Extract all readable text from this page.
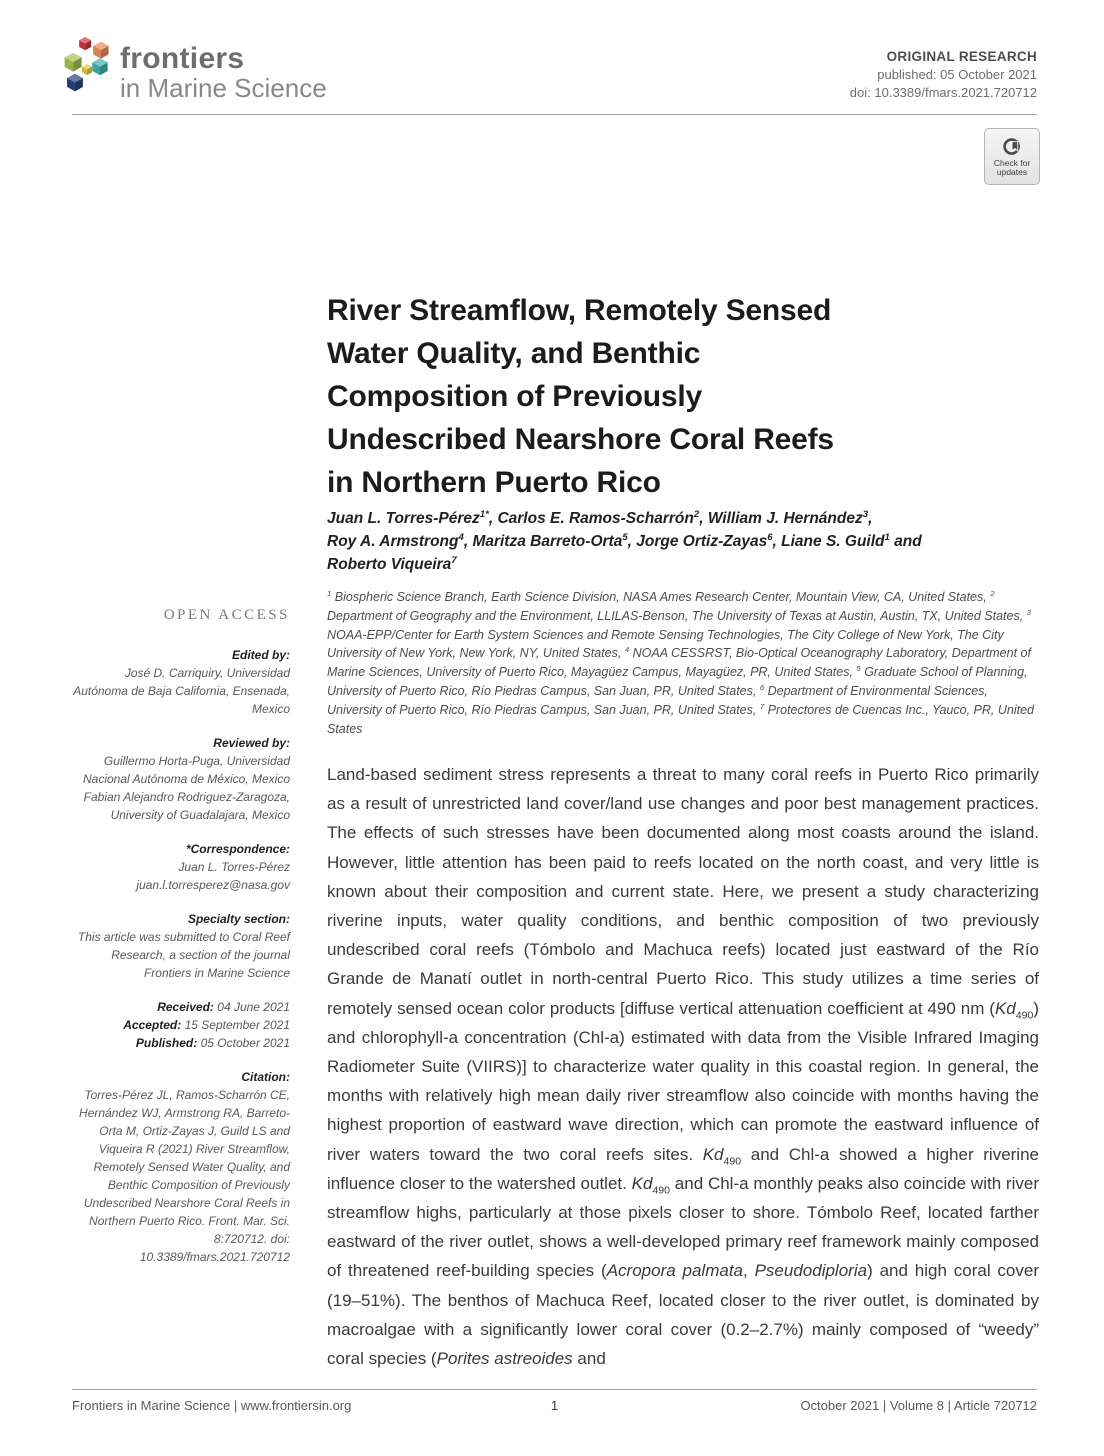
frontiers
in Marine Science
ORIGINAL RESEARCH
published: 05 October 2021
doi: 10.3389/fmars.2021.720712
Check for
updates
OPEN ACCESS
Edited by:
José D. Carriquiry, Universidad Autónoma de Baja California, Ensenada, Mexico
Reviewed by:
Guillermo Horta-Puga, Universidad Nacional Autónoma de México, Mexico
Fabian Alejandro Rodriguez-Zaragoza, University of Guadalajara, Mexico
*Correspondence:
Juan L. Torres-Pérez
juan.l.torresperez@nasa.gov
Specialty section:
This article was submitted to Coral Reef Research, a section of the journal Frontiers in Marine Science
Received: 04 June 2021
Accepted: 15 September 2021
Published: 05 October 2021
Citation:
Torres-Pérez JL, Ramos-Scharrón CE, Hernández WJ, Armstrong RA, Barreto-Orta M, Ortiz-Zayas J, Guild LS and Viqueira R (2021) River Streamflow, Remotely Sensed Water Quality, and Benthic Composition of Previously Undescribed Nearshore Coral Reefs in Northern Puerto Rico. Front. Mar. Sci. 8:720712. doi: 10.3389/fmars.2021.720712
River Streamflow, Remotely Sensed
Water Quality, and Benthic
Composition of Previously
Undescribed Nearshore Coral Reefs
in Northern Puerto Rico
Juan L. Torres-Pérez$^{1*}$, Carlos E. Ramos-Scharrón$^2$, William J. Hernández$^3$,
Roy A. Armstrong$^4$, Maritza Barreto-Orta$^5$, Jorge Ortiz-Zayas$^6$, Liane S. Guild$^1$ and
Roberto Viqueira$^7$
$^1$ Biospheric Science Branch, Earth Science Division, NASA Ames Research Center, Mountain View, CA, United States, $^2$ Department of Geography and the Environment, LLILAS-Benson, The University of Texas at Austin, Austin, TX, United States, $^3$ NOAA-EPP/Center for Earth System Sciences and Remote Sensing Technologies, The City College of New York, The City University of New York, New York, NY, United States, $^4$ NOAA CESSRST, Bio-Optical Oceanography Laboratory, Department of Marine Sciences, University of Puerto Rico, Mayagüez Campus, Mayagüez, PR, United States, $^5$ Graduate School of Planning, University of Puerto Rico, Río Piedras Campus, San Juan, PR, United States, $^6$ Department of Environmental Sciences, University of Puerto Rico, Río Piedras Campus, San Juan, PR, United States, $^7$ Protectores de Cuencas Inc., Yauco, PR, United States
Land-based sediment stress represents a threat to many coral reefs in Puerto Rico primarily as a result of unrestricted land cover/land use changes and poor best management practices. The effects of such stresses have been documented along most coasts around the island. However, little attention has been paid to reefs located on the north coast, and very little is known about their composition and current state. Here, we present a study characterizing riverine inputs, water quality conditions, and benthic composition of two previously undescribed coral reefs (Tómbolo and Machuca reefs) located just eastward of the Río Grande de Manatí outlet in north-central Puerto Rico. This study utilizes a time series of remotely sensed ocean color products [diffuse vertical attenuation coefficient at 490 nm $(Kd_{490})$ and chlorophyll-a concentration (Chl-a) estimated with data from the Visible Infrared Imaging Radiometer Suite (VIIRS)] to characterize water quality in this coastal region. In general, the months with relatively high mean daily river streamflow also coincide with months having the highest proportion of eastward wave direction, which can promote the eastward influence of river waters toward the two coral reefs sites. $Kd_{490}$ and Chl-a showed a higher riverine influence closer to the watershed outlet. $Kd_{490}$ and Chl-a monthly peaks also coincide with river streamflow highs, particularly at those pixels closer to shore. Tómbolo Reef, located farther eastward of the river outlet, shows a well-developed primary reef framework mainly composed of threatened reef-building species (Acropora palmata, Pseudodiploria) and high coral cover (19–51%). The benthos of Machuca Reef, located closer to the river outlet, is dominated by macroalgae with a significantly lower coral cover (0.2–2.7%) mainly composed of “weedy” coral species (Porites astreoides and
Frontiers in Marine Science | www.frontiersin.org	1	October 2021 | Volume 8 | Article 720712
